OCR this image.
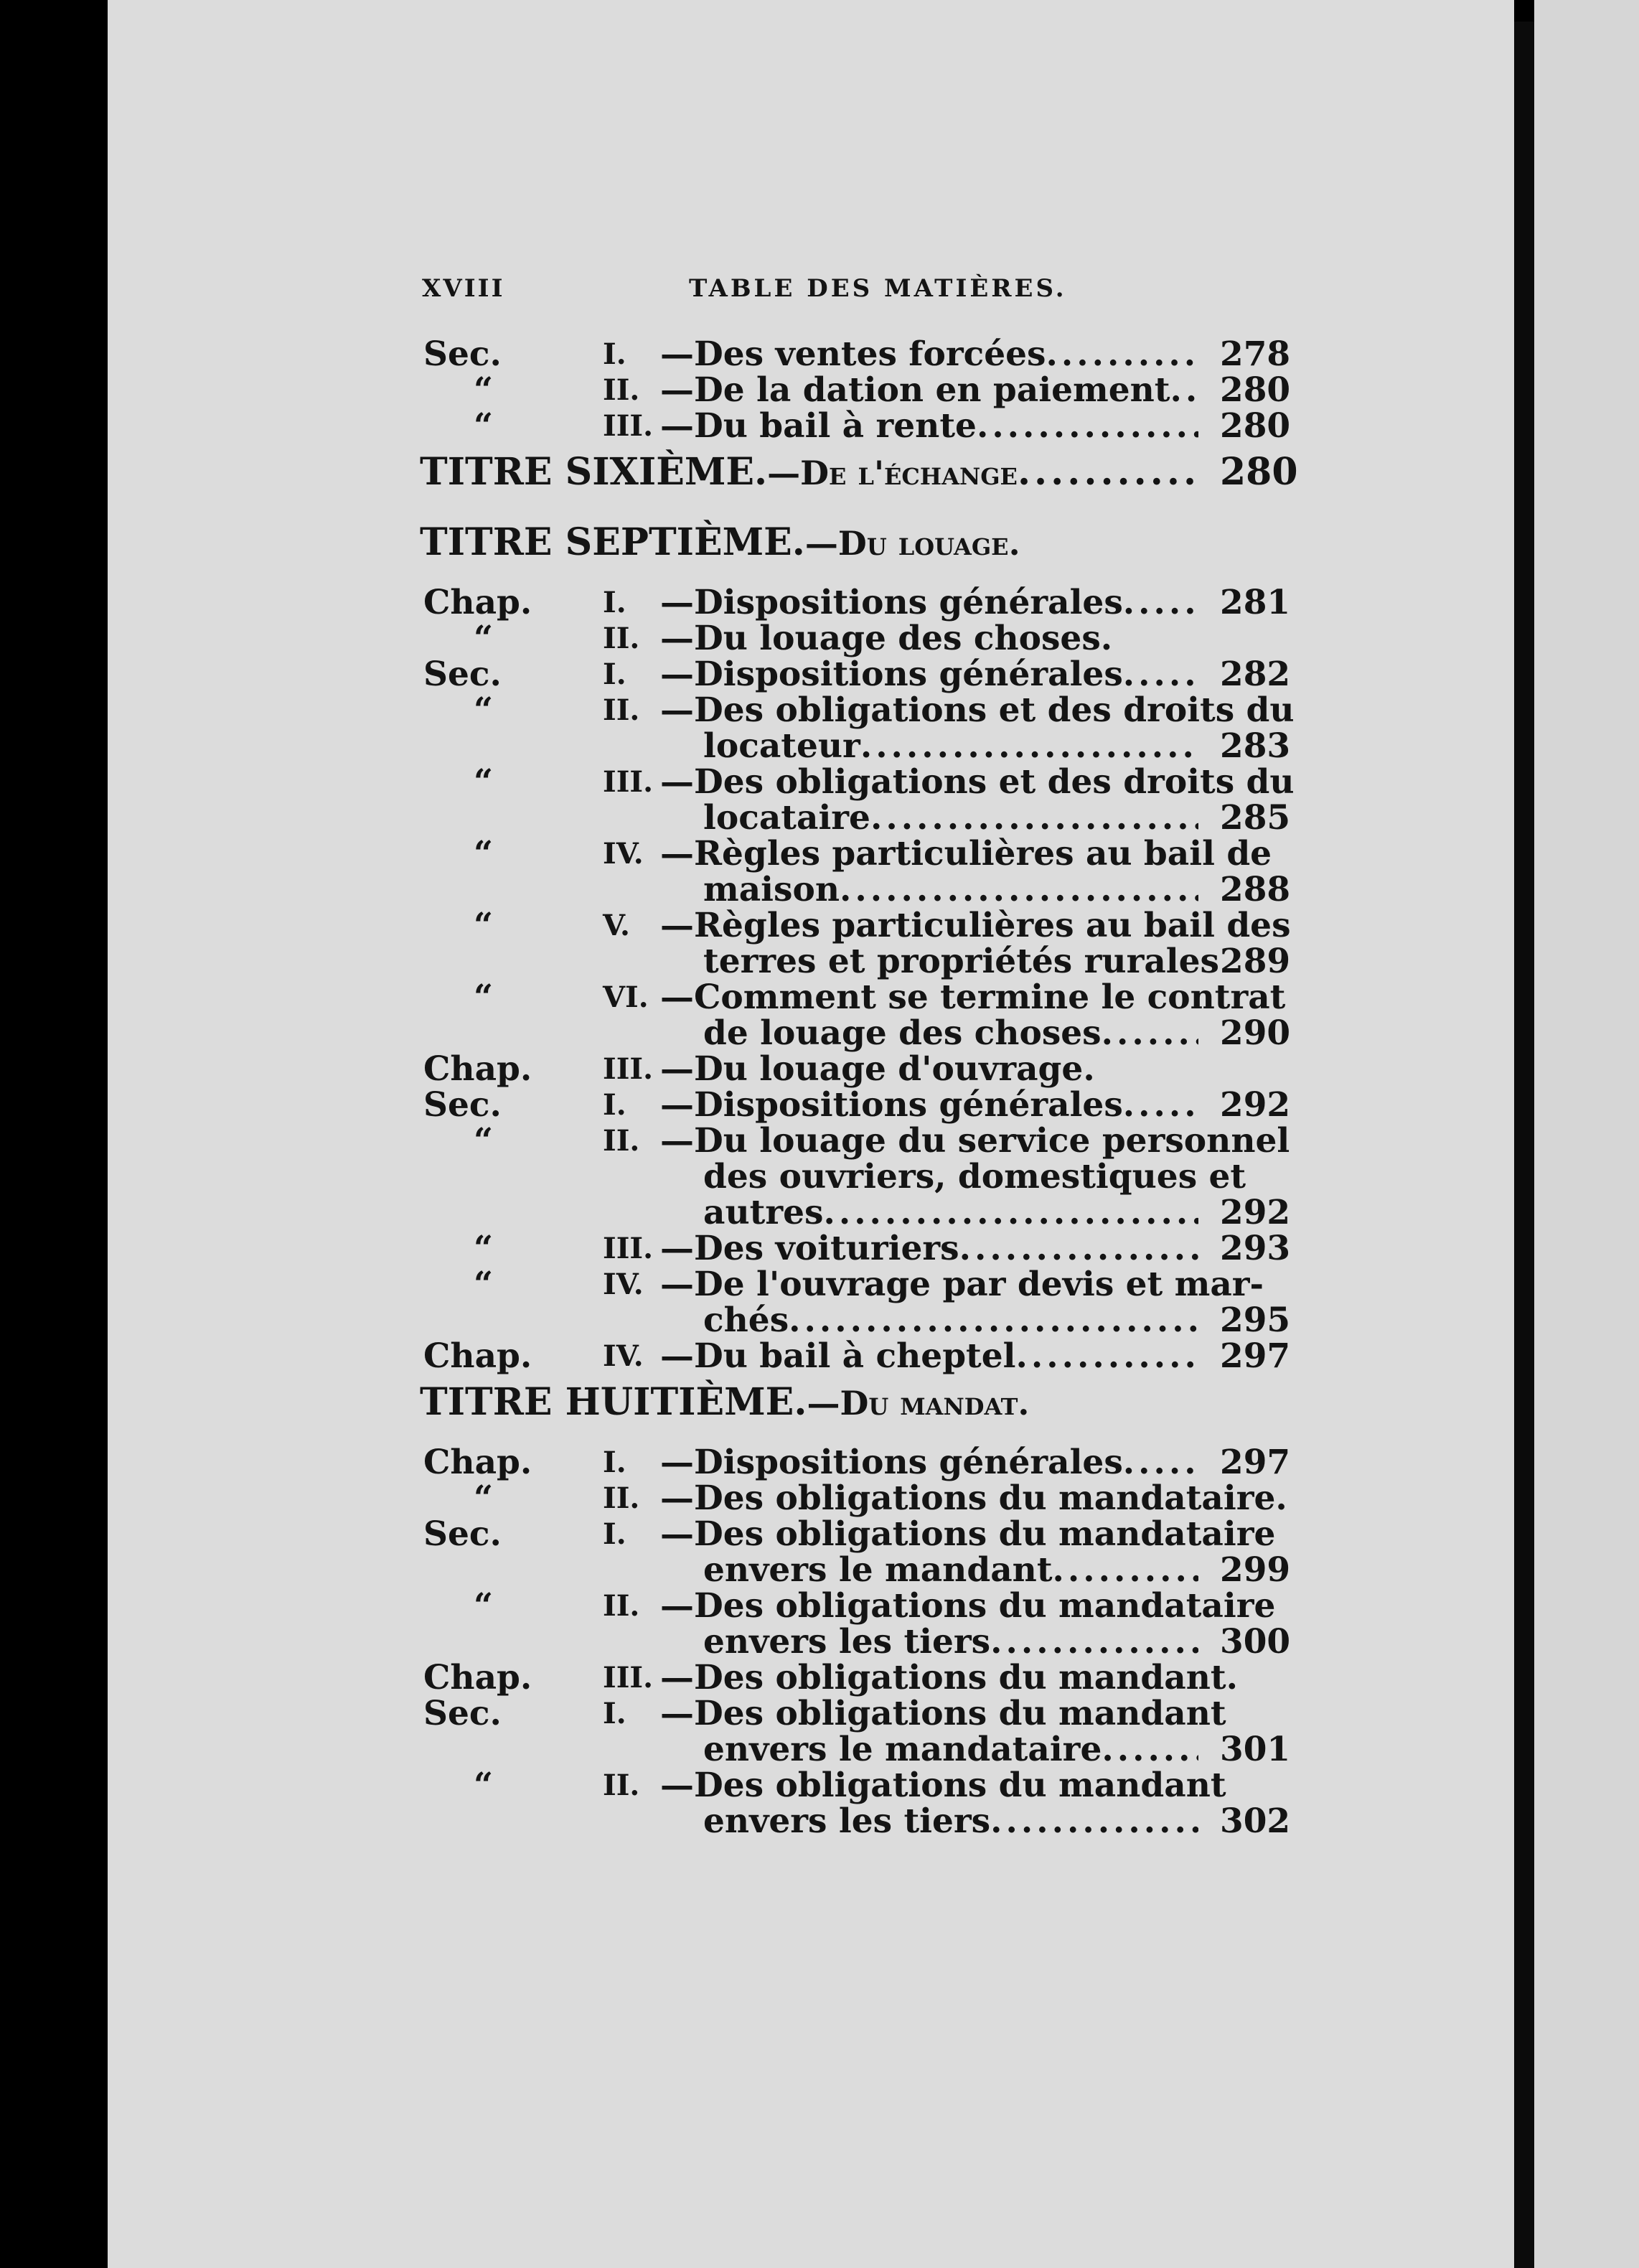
XVIII	TABLE DES MATIÈRES.
Sec.	I. —Des ventes forcées .....	278
“	II. —De la dation en paiement ..... 280
“	III. —Du bail à rente .....	280
TITRE SIXIÈME. —De l'échange .....	280
TITRE SEPTIÈME. —Du louage.
Chap. I. —Dispositions générales .....	281
“	II. —Du louage des choses.
Sec.	I. —Dispositions générales .....	282
“	II. —Des obligations et des droits du
locateur .....	283
“	III. —Des obligations et des droits du
locataire .....	285
“	IV. —Règles particulières au bail de
maison .....	288
“	V. —Règles particulières au bail des
terres et propriétés rurales 289
“	VI. —Comment se termine le contrat
de louage des choses .....	290
Chap. III. —Du louage d'ouvrage.
Sec.	I. —Dispositions générales .....	292
“	II. —Du louage du service personnel
des ouvriers, domestiques et
autres .....	292
“	III. —Des voituriers .....	293
“	IV. —De l'ouvrage par devis et mar-
chés .....	295
Chap. IV. —Du bail à cheptel .....	297
TITRE HUITIÈME. —Du mandat.
Chap. I. —Dispositions générales .....	297
“	II. —Des obligations du mandataire.
Sec.	I. —Des obligations du mandataire
envers le mandant .....	299
“	II. —Des obligations du mandataire
envers les tiers .....	300
Chap. III. —Des obligations du mandant.
Sec.	I. —Des obligations du mandant
envers le mandataire .....	301
“	II. —Des obligations du mandant
envers les tiers .....	302
